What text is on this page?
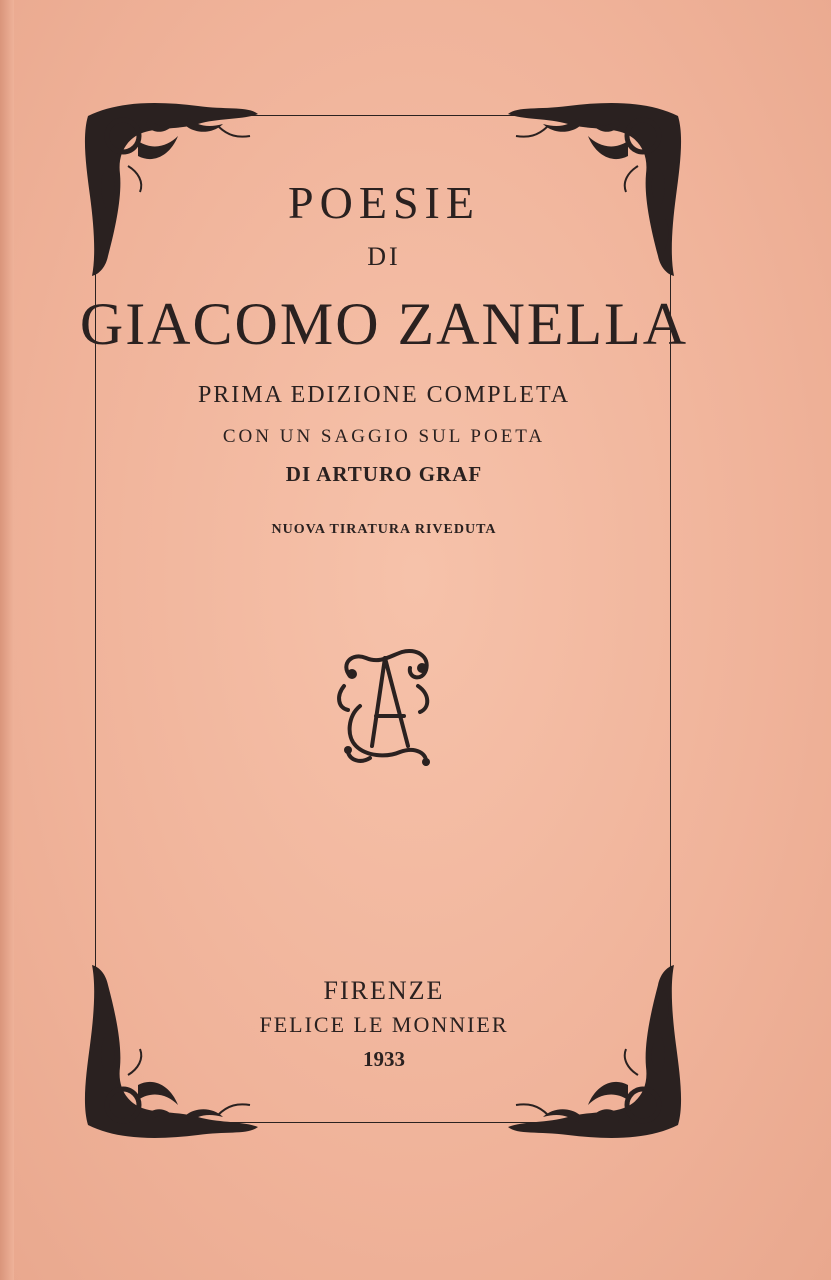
POESIE
DI
GIACOMO ZANELLA
PRIMA EDIZIONE COMPLETA
CON UN SAGGIO SUL POETA
DI ARTURO GRAF
NUOVA TIRATURA RIVEDUTA
FIRENZE
FELICE LE MONNIER
1933
